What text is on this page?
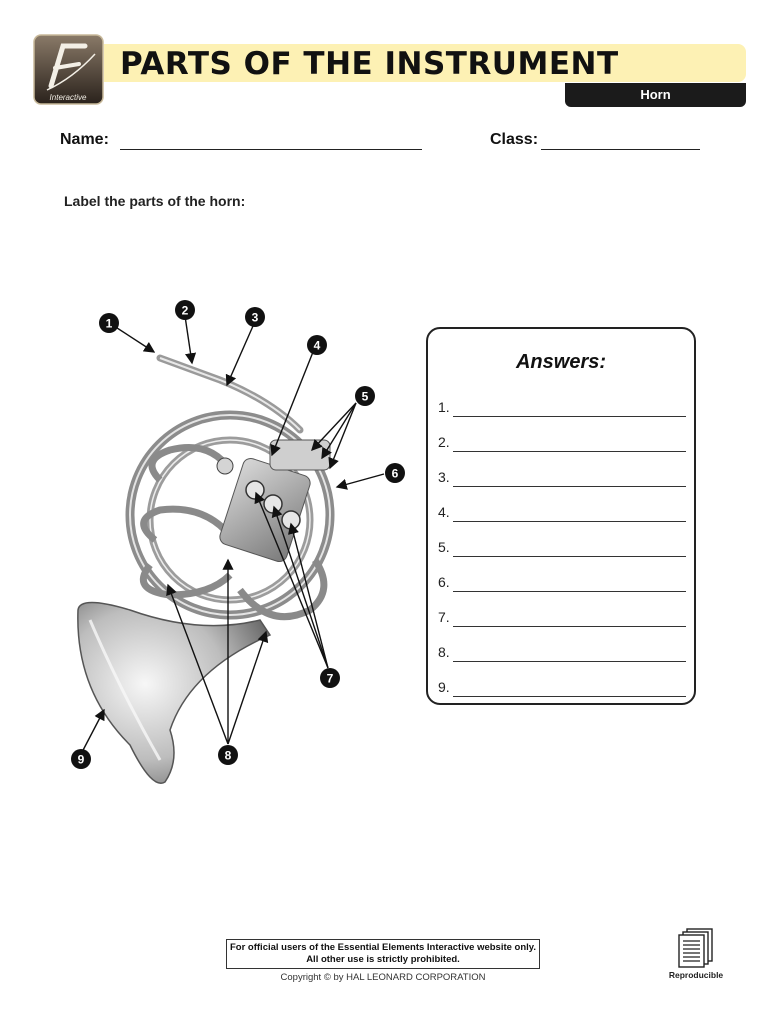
Interactive
PARTS OF THE INSTRUMENT
Horn
Name:	Class:
Label the parts of the horn:
1
2	3
4
5
6
7
8
9
Answers:
1.
2.
3.
4.
5.
6.
7.
8.
9.
For official users of the Essential Elements Interactive website only.
All other use is strictly prohibited.
Copyright © by HAL LEONARD CORPORATION	Reproducible
